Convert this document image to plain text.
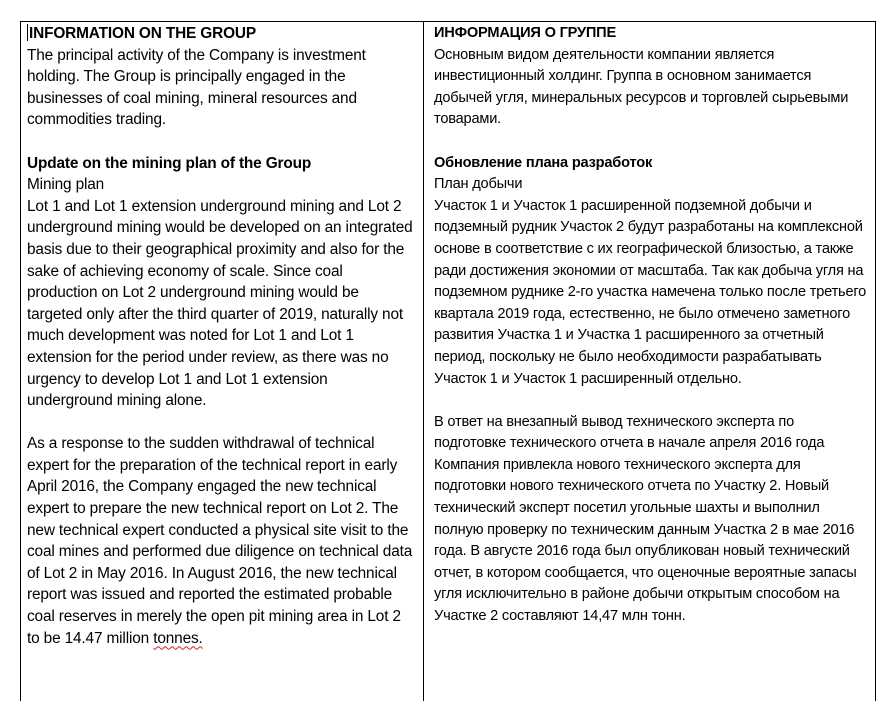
INFORMATION ON THE GROUP

The principal activity of the Company is investment holding. The Group is principally engaged in the businesses of coal mining, mineral resources and commodities trading.

Update on the mining plan of the Group

Mining plan

Lot 1 and Lot 1 extension underground mining and Lot 2 underground mining would be developed on an integrated basis due to their geographical proximity and also for the sake of achieving economy of scale. Since coal production on Lot 2 underground mining would be targeted only after the third quarter of 2019, naturally not much development was noted for Lot 1 and Lot 1 extension for the period under review, as there was no urgency to develop Lot 1 and Lot 1 extension underground mining alone.

As a response to the sudden withdrawal of technical expert for the preparation of the technical report in early April 2016, the Company engaged the new technical expert to prepare the new technical report on Lot 2. The new technical expert conducted a physical site visit to the coal mines and performed due diligence on technical data of Lot 2 in May 2016. In August 2016, the new technical report was issued and reported the estimated probable coal reserves in merely the open pit mining area in Lot 2 to be 14.47 million tonnes.

ИНФОРМАЦИЯ О ГРУППЕ

Основным видом деятельности компании является инвестиционный холдинг. Группа в основном занимается добычей угля, минеральных ресурсов и торговлей сырьевыми товарами.

Обновление плана разработок

План добычи

Участок 1 и Участок 1 расширенной подземной добычи и подземный рудник Участок 2 будут разработаны на комплексной основе в соответствие с их географической близостью, а также ради достижения экономии от масштаба. Так как добыча угля на подземном руднике 2-го участка намечена только после третьего квартала 2019 года, естественно, не было отмечено заметного развития Участка 1 и Участка 1 расширенного за отчетный период, поскольку не было необходимости разрабатывать Участок 1 и Участок 1 расширенный отдельно.

В ответ на внезапный вывод технического эксперта по подготовке технического отчета в начале апреля 2016 года Компания привлекла нового технического эксперта для подготовки нового технического отчета по Участку 2. Новый технический эксперт посетил угольные шахты и выполнил полную проверку по техническим данным Участка 2 в мае 2016 года. В августе 2016 года был опубликован новый технический отчет, в котором сообщается, что оценочные вероятные запасы угля исключительно в районе добычи открытым способом на Участке 2 составляют 14,47 млн тонн.
